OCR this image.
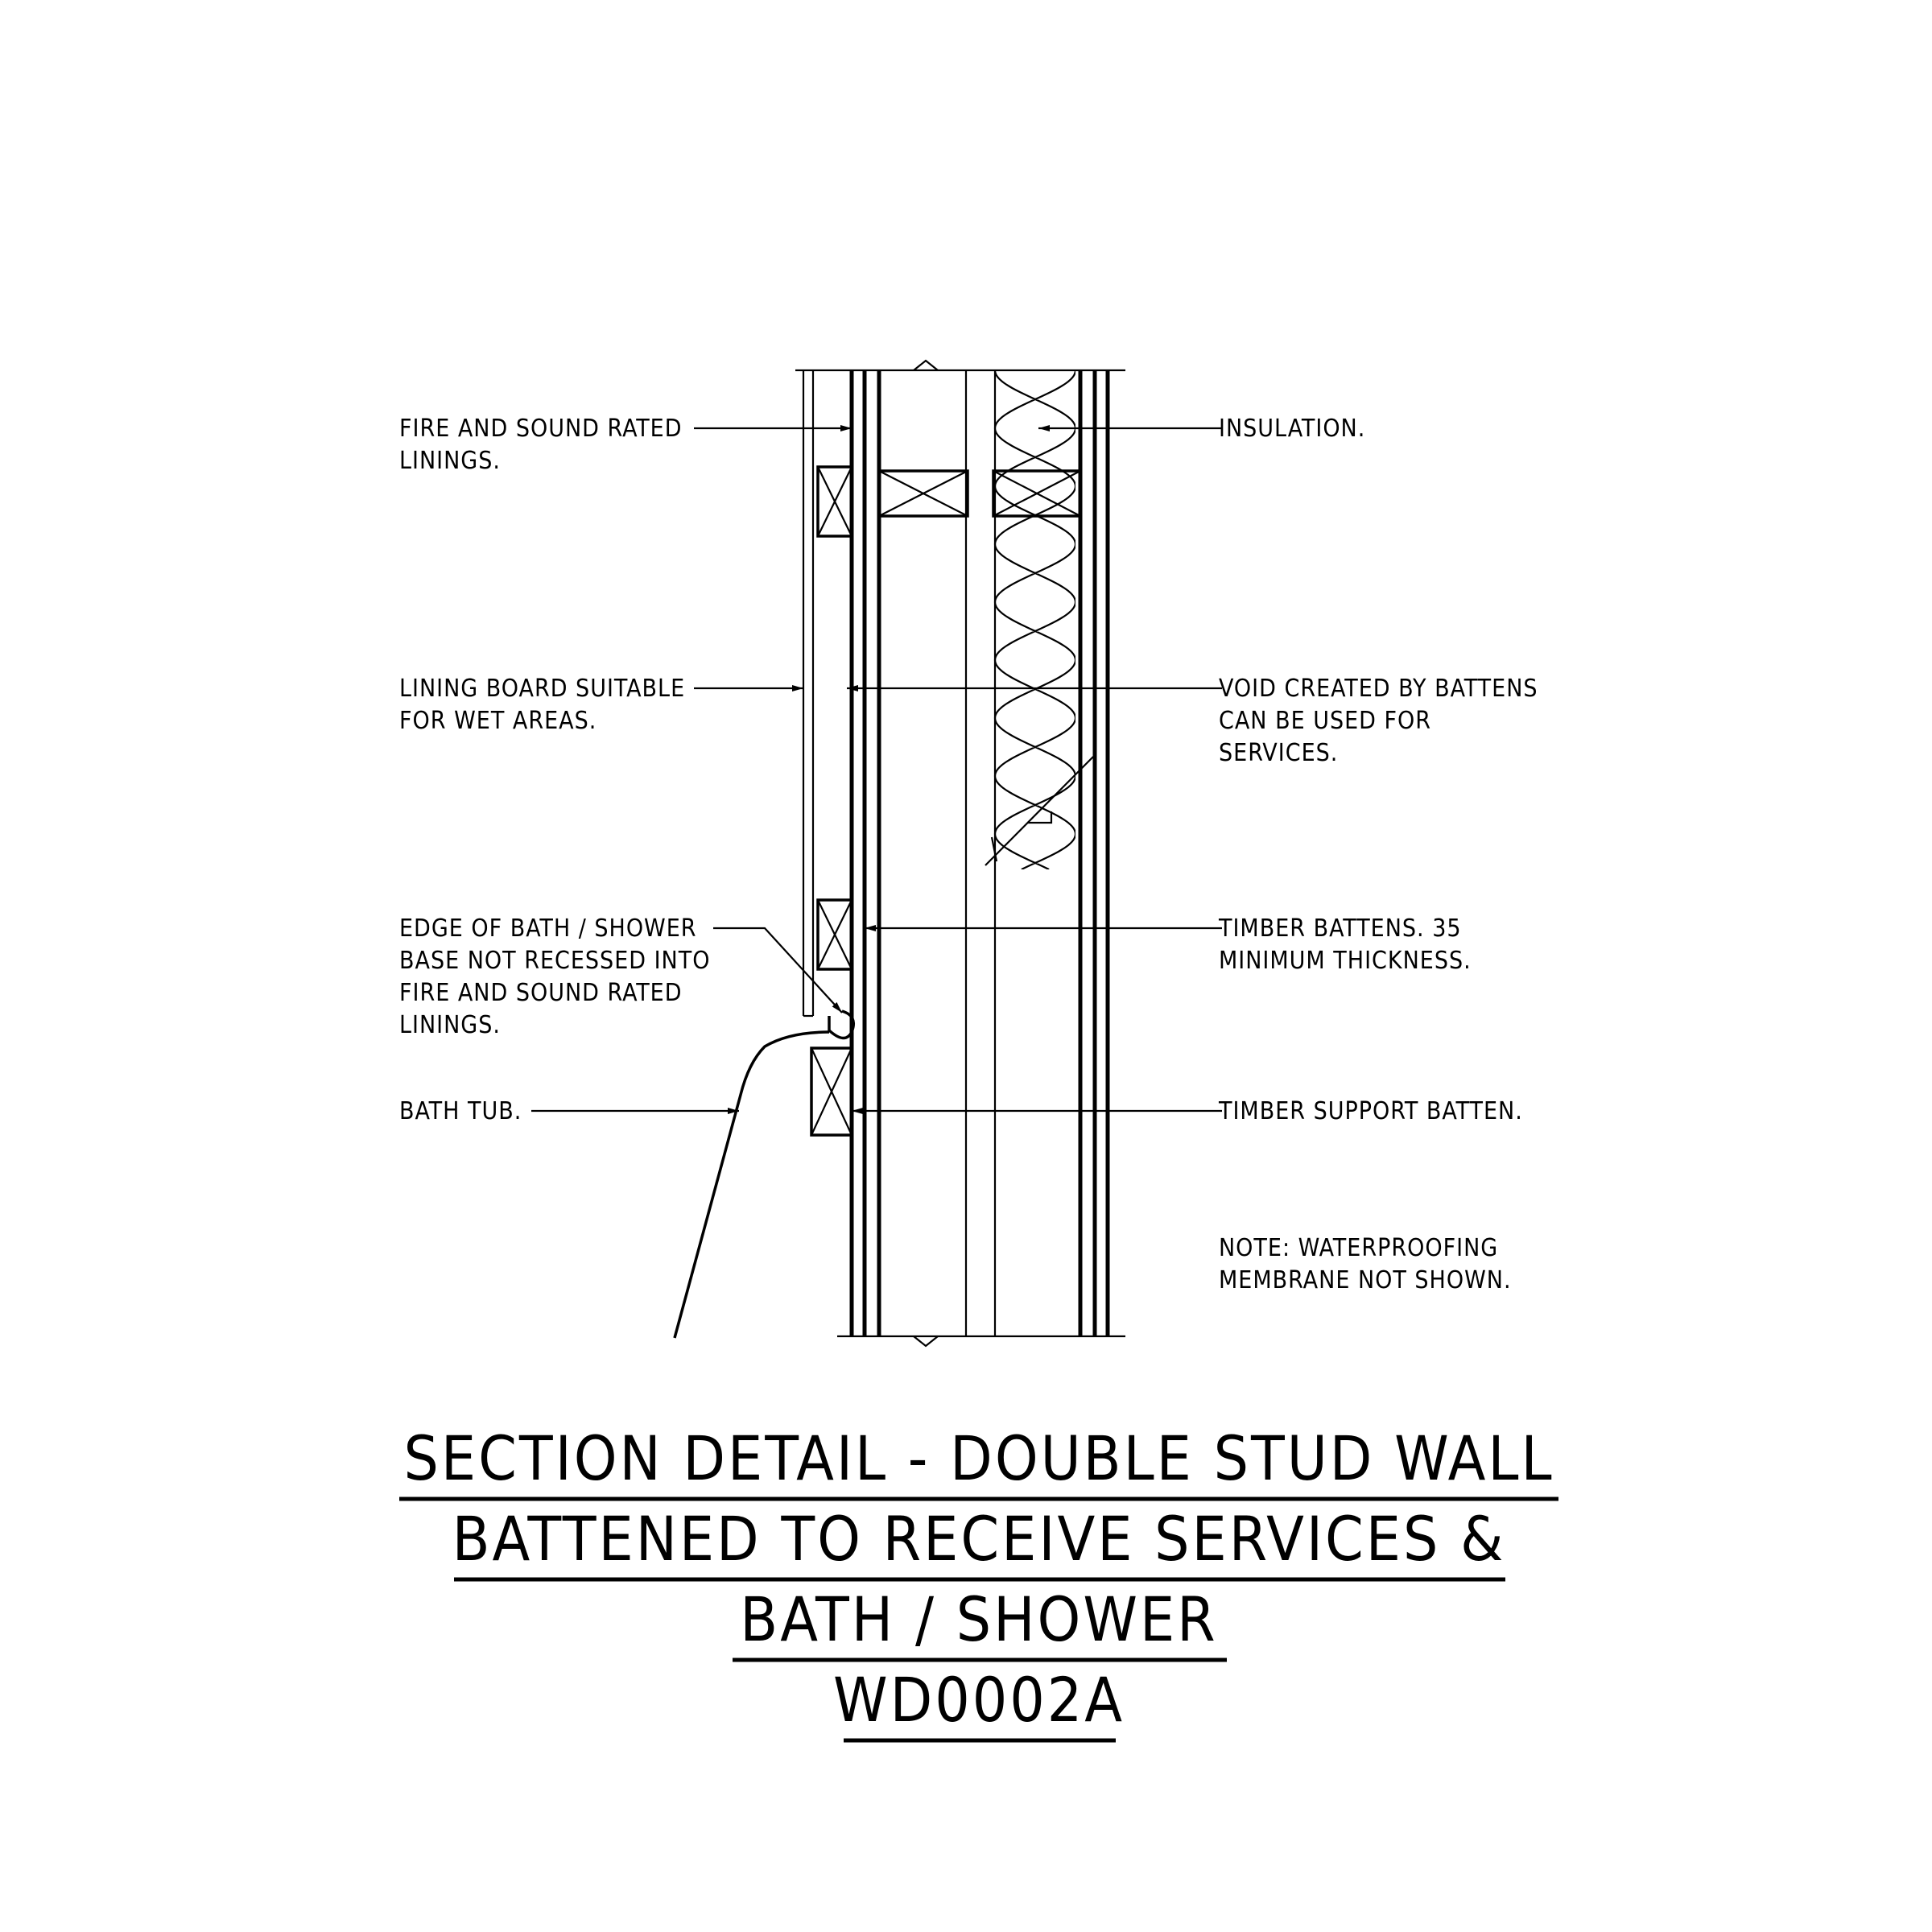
FIRE AND SOUND RATED
LININGS.
INSULATION.
LINING BOARD SUITABLE
FOR WET AREAS.
VOID CREATED BY BATTENS
CAN BE USED FOR
SERVICES.
EDGE OF BATH / SHOWER
BASE NOT RECESSED INTO
FIRE AND SOUND RATED
LININGS.
TIMBER BATTENS. 35
MINIMUM THICKNESS.
BATH TUB.	TIMBER SUPPORT BATTEN.
NOTE: WATERPROOFING
MEMBRANE NOT SHOWN.
SECTION DETAIL - DOUBLE STUD WALL
BATTENED TO RECEIVE SERVICES &
BATH / SHOWER
WD0002A
